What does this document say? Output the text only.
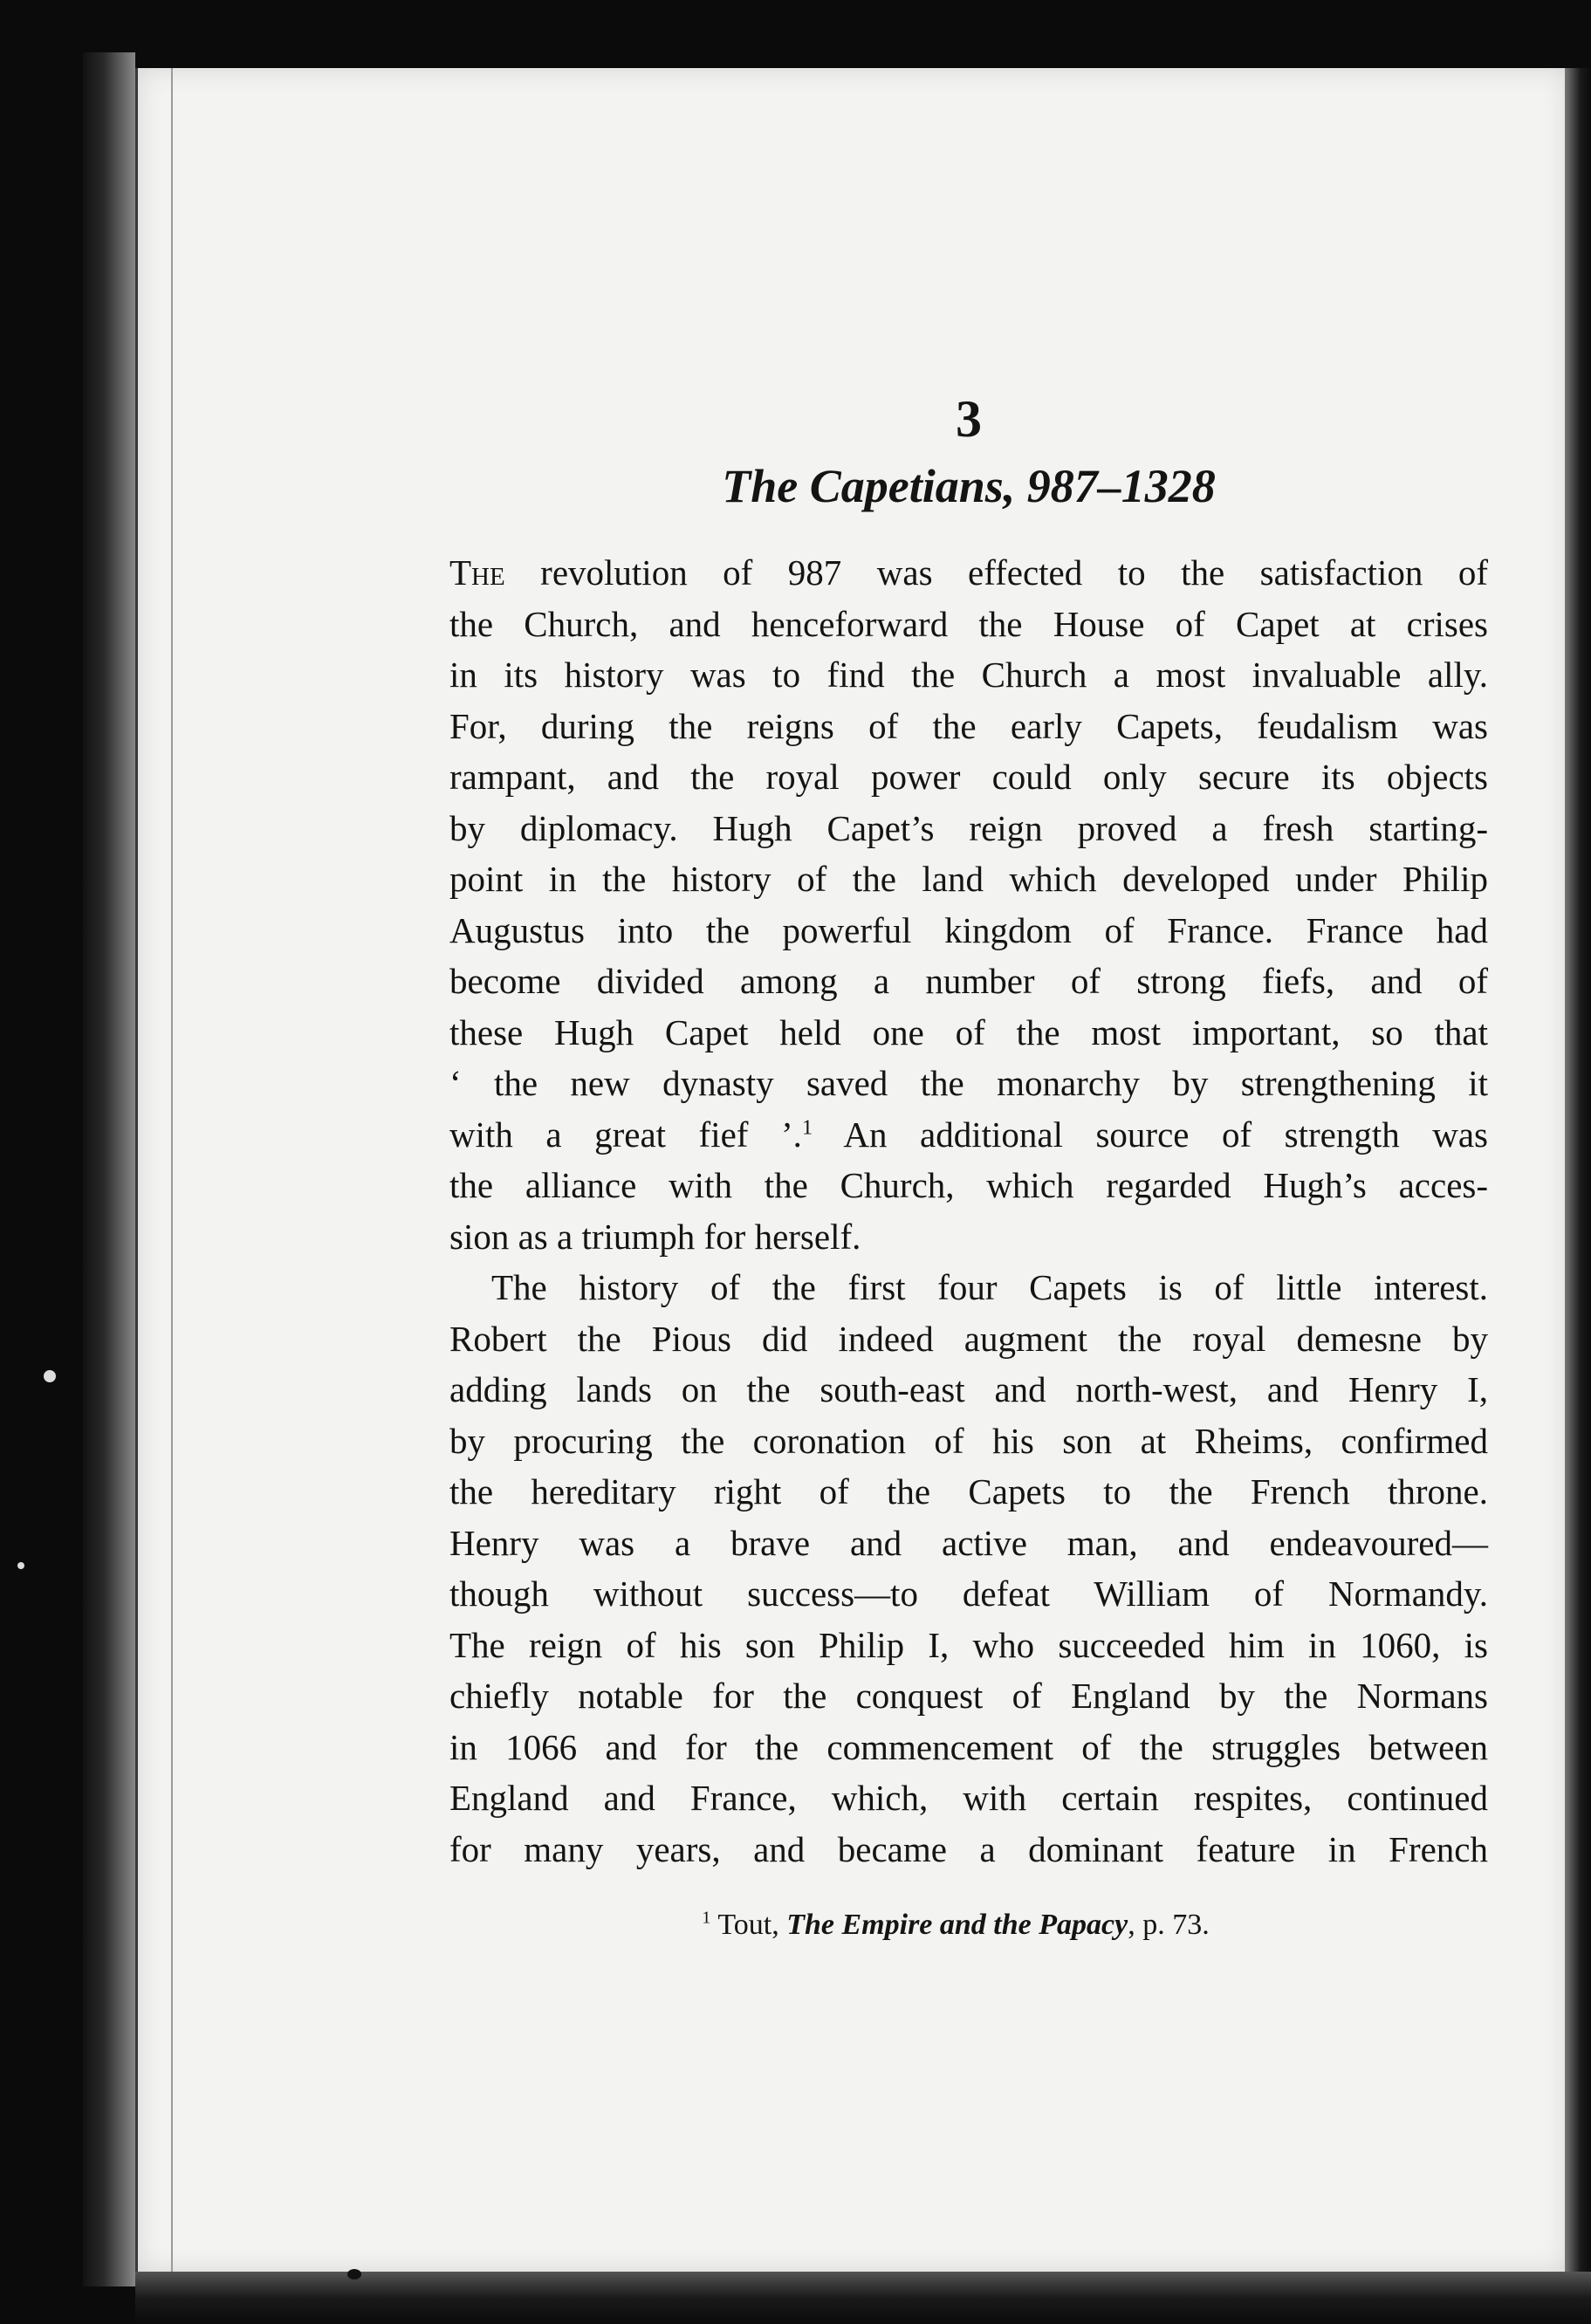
3
The Capetians, 987–1328
The revolution of 987 was effected to the satisfaction of
the Church, and henceforward the House of Capet at crises
in its history was to find the Church a most invaluable ally.
For, during the reigns of the early Capets, feudalism was
rampant, and the royal power could only secure its objects
by diplomacy. Hugh Capet’s reign proved a fresh starting-
point in the history of the land which developed under Philip
Augustus into the powerful kingdom of France. France had
become divided among a number of strong fiefs, and of
these Hugh Capet held one of the most important, so that
‘ the new dynasty saved the monarchy by strengthening it
with a great fief ’.$^1$ An additional source of strength was
the alliance with the Church, which regarded Hugh’s acces-
sion as a triumph for herself.
The history of the first four Capets is of little interest.
Robert the Pious did indeed augment the royal demesne by
adding lands on the south-east and north-west, and Henry I,
by procuring the coronation of his son at Rheims, confirmed
the hereditary right of the Capets to the French throne.
Henry was a brave and active man, and endeavoured—
though without success—to defeat William of Normandy.
The reign of his son Philip I, who succeeded him in 1060, is
chiefly notable for the conquest of England by the Normans
in 1066 and for the commencement of the struggles between
England and France, which, with certain respites, continued
for many years, and became a dominant feature in French
$^1$ Tout, The Empire and the Papacy, p. 73.
